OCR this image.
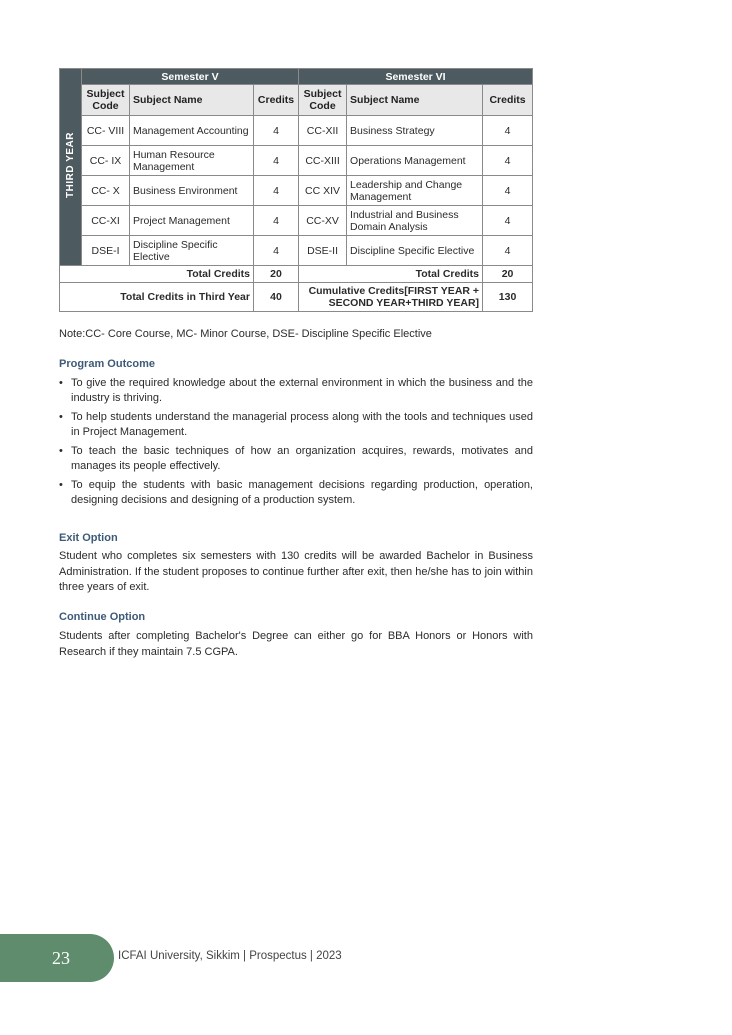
THIRD YEAR	Semester V			Semester VI		
	Subject Code	Subject Name	Credits	Subject Code	Subject Name	Credits
	CC- VIII	Management Accounting	4	CC-XII	Business Strategy	4
	CC- IX	Human Resource Management	4	CC-XIII	Operations Management	4
	CC- X	Business Environment	4	CC XIV	Leadership and Change Management	4
	CC-XI	Project Management	4	CC-XV	Industrial and Business Domain Analysis	4
	DSE-I	Discipline Specific Elective	4	DSE-II	Discipline Specific Elective	4
Total Credits			20	Total Credits		20
Total Credits in Third Year			40	Cumulative Credits[FIRST YEAR + SECOND YEAR+THIRD YEAR]		130
Note:CC- Core Course, MC- Minor Course, DSE- Discipline Specific Elective
Program Outcome
• To give the required knowledge about the external environment in which the business and the industry is thriving.
• To help students understand the managerial process along with the tools and techniques used in Project Management.
• To teach the basic techniques of how an organization acquires, rewards, motivates and manages its people effectively.
• To equip the students with basic management decisions regarding production, operation, designing decisions and designing of a production system.
Exit Option

Student who completes six semesters with 130 credits will be awarded Bachelor in Business Administration. If the student proposes to continue further after exit, then he/she has to join within three years of exit.

Continue Option

Students after completing Bachelor's Degree can either go for BBA Honors or Honors with Research if they maintain 7.5 CGPA.

23	ICFAI University, Sikkim | Prospectus | 2023
